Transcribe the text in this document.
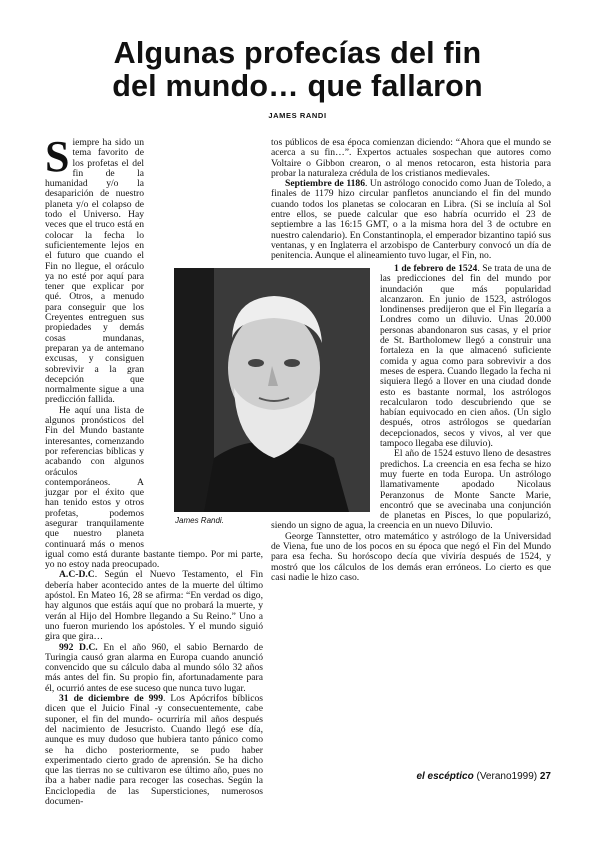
Algunas profecías del fin
del mundo… que fallaron
JAMES RANDI
S iempre ha sido un tema favorito de los profetas el del fin de la humanidad y/o la desaparición de nuestro planeta y/o el colapso de todo el Universo. Hay veces que el truco está en colocar la fecha lo suficientemente lejos en el futuro que cuando el Fin no llegue, el oráculo ya no esté por aquí para tener que explicar por qué. Otros, a menudo para conseguir que los Creyentes entreguen sus propiedades y demás cosas mundanas, preparan ya de antemano excusas, y consiguen sobrevivir a la gran decepción que normalmente sigue a una predicción fallida.

He aquí una lista de algunos pronósticos del Fin del Mundo bastante interesantes, comenzando por referencias bíblicas y acabando con algunos oráculos contemporáneos. A juzgar por el éxito que han tenido estos y otros profetas, podemos asegurar tranquilamente que nuestro planeta continuará más o menos igual como está durante bastante tiempo. Por mi parte, yo no estoy nada preocupado.

A.C-D.C. Según el Nuevo Testamento, el Fin debería haber acontecido antes de la muerte del último apóstol. En Mateo 16, 28 se afirma: “En verdad os digo, hay algunos que estáis aquí que no probará la muerte, y verán al Hijo del Hombre llegando a Su Reino.” Uno a uno fueron muriendo los apóstoles. Y el mundo siguió gira que gira…

992 D.C. En el año 960, el sabio Bernardo de Turingia causó gran alarma en Europa cuando anunció convencido que su cálculo daba al mundo sólo 32 años más antes del fin. Su propio fin, afortunadamente para él, ocurrió antes de ese suceso que nunca tuvo lugar.

31 de diciembre de 999. Los Apócrifos bíblicos dicen que el Juicio Final -y consecuentemente, cabe suponer, el fin del mundo- ocurriría mil años después del nacimiento de Jesucristo. Cuando llegó ese día, aunque es muy dudoso que hubiera tanto pánico como se ha dicho posteriormente, se pudo haber experimentado cierto grado de aprensión. Se ha dicho que las tierras no se cultivaron ese último año, pues no iba a haber nadie para recoger las cosechas. Según la Enciclopedia de las Supersticiones, numerosos documen-

tos públicos de esa época comienzan diciendo: “Ahora que el mundo se acerca a su fin…”. Expertos actuales sospechan que autores como Voltaire o Gibbon crearon, o al menos retocaron, esta historia para probar la naturaleza crédula de los cristianos medievales.

Septiembre de 1186. Un astrólogo conocido como Juan de Toledo, a finales de 1179 hizo circular panfletos anunciando el fin del mundo cuando todos los planetas se colocaran en Libra. (Si se incluía al Sol entre ellos, se puede calcular que eso habría ocurrido el 23 de septiembre a las 16:15 GMT, o a la misma hora del 3 de octubre en nuestro calendario). En Constantinopla, el emperador bizantino tapió sus ventanas, y en Inglaterra el arzobispo de Canterbury convocó un día de penitencia. Aunque el alineamiento tuvo lugar, el Fin, no.

1 de febrero de 1524. Se trata de una de las predicciones del fin del mundo por inundación que más popularidad alcanzaron. En junio de 1523, astrólogos londinenses predijeron que el Fin llegaría a Londres como un diluvio. Unas 20.000 personas abandonaron sus casas, y el prior de St. Bartholomew llegó a construir una fortaleza en la que almacenó suficiente comida y agua como para sobrevivir a dos meses de espera. Cuando llegado la fecha ni siquiera llegó a llover en una ciudad donde esto es bastante normal, los astrólogos recalcularon todo descubriendo que se habían equivocado en cien años. (Un siglo después, otros astrólogos se quedarían decepcionados, secos y vivos, al ver que tampoco llegaba ese diluvio).

El año de 1524 estuvo lleno de desastres predichos. La creencia en esa fecha se hizo muy fuerte en toda Europa. Un astrólogo llamativamente apodado Nicolaus Peranzonus de Monte Sancte Marie, encontró que se avecinaba una conjunción de planetas en Pisces, lo que popularizó, siendo un signo de agua, la creencia en un nuevo Diluvio.

George Tannstetter, otro matemático y astrólogo de la Universidad de Viena, fue uno de los pocos en su época que negó el Fin del Mundo para esa fecha. Su horóscopo decía que viviría después de 1524, y mostró que los cálculos de los demás eran erróneos. Lo cierto es que casi nadie le hizo caso.

James Randi.
el escéptico (Verano1999) 27
